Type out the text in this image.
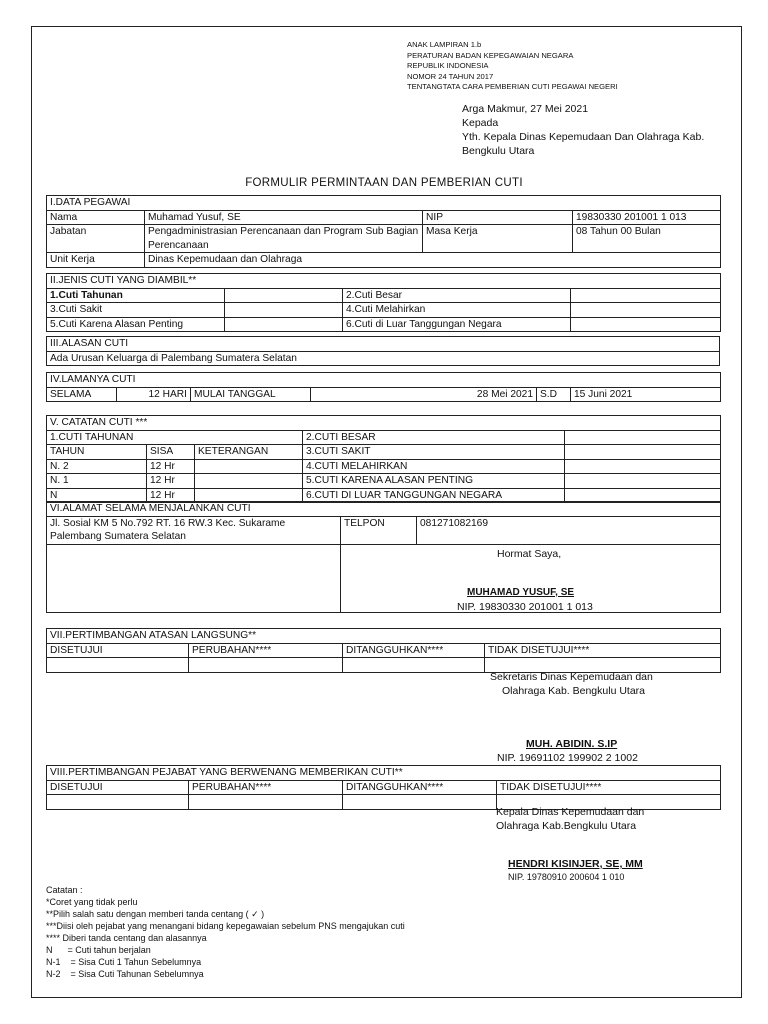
ANAK LAMPIRAN 1.b
PERATURAN BADAN KEPEGAWAIAN NEGARA
REPUBLIK INDONESIA
NOMOR 24 TAHUN 2017
TENTANGTATA CARA PEMBERIAN CUTI PEGAWAI NEGERI
Arga Makmur, 27 Mei 2021
Kepada
Yth. Kepala Dinas Kepemudaan Dan Olahraga Kab.
Bengkulu Utara
FORMULIR PERMINTAAN DAN PEMBERIAN CUTI
I.DATA PEGAWAI			
Nama	Muhamad Yusuf, SE	NIP	19830330 201001 1 013
Jabatan	Pengadministrasian Perencanaan dan Program Sub Bagian Perencanaan	Masa Kerja	08 Tahun 00 Bulan
Unit Kerja	Dinas Kepemudaan dan Olahraga		
II.JENIS CUTI YANG DIAMBIL**			
1.Cuti Tahunan		2.Cuti Besar	
3.Cuti Sakit		4.Cuti Melahirkan	
5.Cuti Karena Alasan Penting		6.Cuti di Luar Tanggungan Negara	
III.ALASAN CUTI
Ada Urusan Keluarga di Palembang Sumatera Selatan
IV.LAMANYA CUTI
SELAMA	12 HARI	MULAI TANGGAL	28 Mei 2021	S.D	15 Juni 2021
V. CATATAN CUTI ***				
1.CUTI TAHUNAN			2.CUTI BESAR	
TAHUN	SISA	KETERANGAN	3.CUTI SAKIT	
N. 2	12 Hr		4.CUTI MELAHIRKAN	
N. 1	12 Hr		5.CUTI KARENA ALASAN PENTING	
N	12 Hr		6.CUTI DI LUAR TANGGUNGAN NEGARA	
VI.ALAMAT SELAMA MENJALANKAN CUTI		

Jl. Sosial KM 5 No.792 RT. 16 RW.3 Kec. Sukarame
Palembang Sumatera Selatan	TELPON	081271082169

	Hormat Saya,
MUHAMAD YUSUF, SE
NIP. 19830330 201001 1 013	
VII.PERTIMBANGAN ATASAN LANGSUNG**			
DISETUJUI	PERUBAHAN****	DITANGGUHKAN****	TIDAK DISETUJUI****

Sekretaris Dinas Kepemudaan dan
Olahraga Kab. Bengkulu Utara
MUH. ABIDIN. S.IP
NIP. 19691102 199902 2 1002
VIII.PERTIMBANGAN PEJABAT YANG BERWENANG MEMBERIKAN CUTI**			
DISETUJUI	PERUBAHAN****	DITANGGUHKAN****	TIDAK DISETUJUI****

Kepala Dinas Kepemudaan dan
Olahraga Kab.Bengkulu Utara
HENDRI KISINJER, SE, MM
NIP. 19780910 200604 1 010
Catatan :
*Coret yang tidak perlu
**Pilih salah satu dengan memberi tanda centang ( ✓ )
***Diisi oleh pejabat yang menangani bidang kepegawaian sebelum PNS mengajukan cuti
**** Diberi tanda centang dan alasannya
N      = Cuti tahun berjalan
N-1    = Sisa Cuti 1 Tahun Sebelumnya
N-2    = Sisa Cuti Tahunan Sebelumnya
